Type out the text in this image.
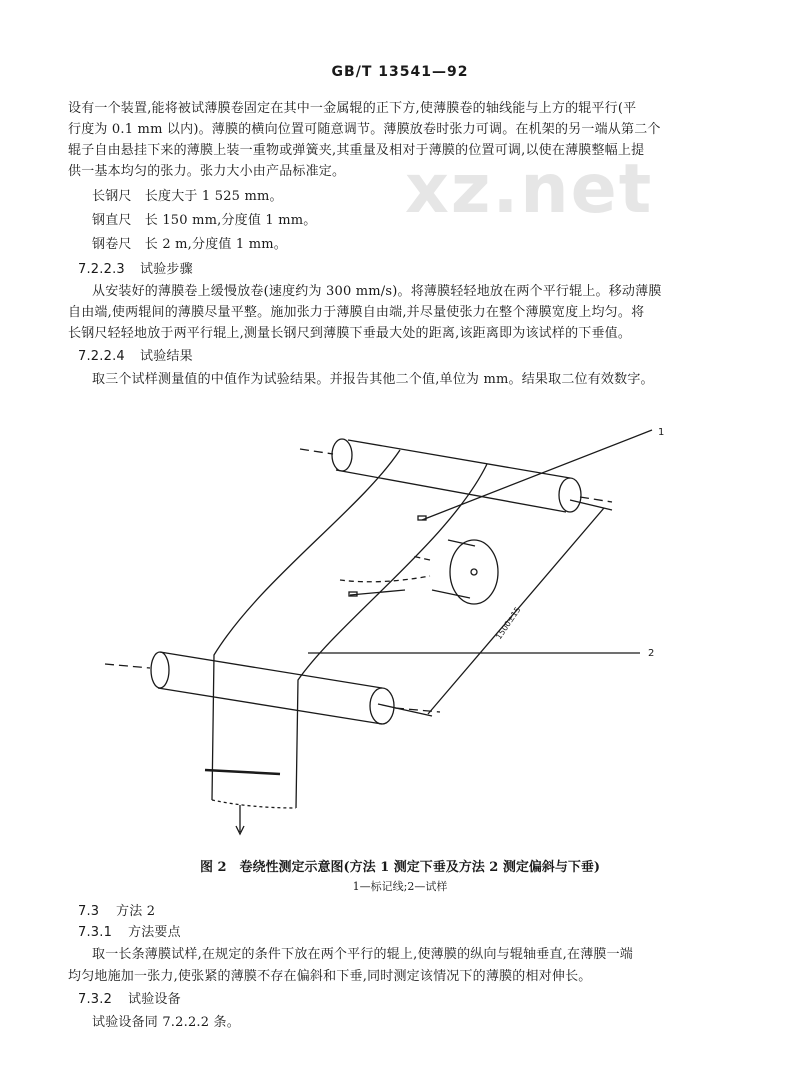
GB/T 13541—92
xz.net
设有一个装置,能将被试薄膜卷固定在其中一金属辊的正下方,使薄膜卷的轴线能与上方的辊平行(平
行度为 0.1 mm 以内)。薄膜的横向位置可随意调节。薄膜放卷时张力可调。在机架的另一端从第二个
辊子自由悬挂下来的薄膜上装一重物或弹簧夹,其重量及相对于薄膜的位置可调,以使在薄膜整幅上提
供一基本均匀的张力。张力大小由产品标准定。
长钢尺　长度大于 1 525 mm。
钢直尺　长 150 mm,分度值 1 mm。
钢卷尺　长 2 m,分度值 1 mm。
7.2.2.3 试验步骤
从安装好的薄膜卷上缓慢放卷(速度约为 300 mm/s)。将薄膜轻轻地放在两个平行辊上。移动薄膜
自由端,使两辊间的薄膜尽量平整。施加张力于薄膜自由端,并尽量使张力在整个薄膜宽度上均匀。将
长钢尺轻轻地放于两平行辊上,测量长钢尺到薄膜下垂最大处的距离,该距离即为该试样的下垂值。
7.2.2.4 试验结果
取三个试样测量值的中值作为试验结果。并报告其他二个值,单位为 mm。结果取二位有效数字。
1500±15
1
2
图 2　卷绕性测定示意图(方法 1 测定下垂及方法 2 测定偏斜与下垂)
1—标记线;2—试样
7.3 方法 2
7.3.1 方法要点
取一长条薄膜试样,在规定的条件下放在两个平行的辊上,使薄膜的纵向与辊轴垂直,在薄膜一端
均匀地施加一张力,使张紧的薄膜不存在偏斜和下垂,同时测定该情况下的薄膜的相对伸长。
7.3.2 试验设备
试验设备同 7.2.2.2 条。
